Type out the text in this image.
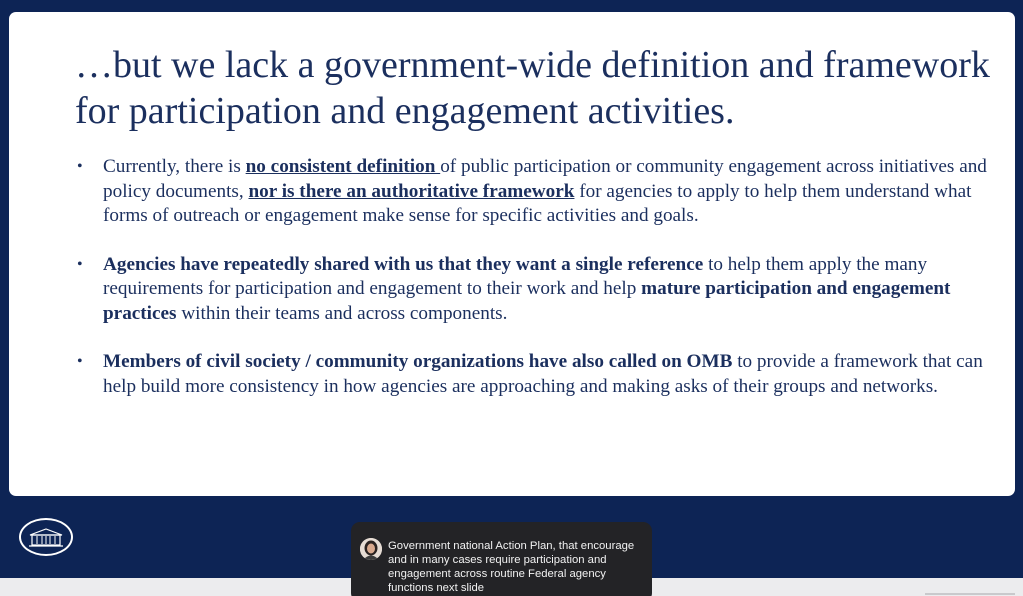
…but we lack a government-wide definition and framework for participation and engagement activities.
• Currently, there is no consistent definition of public participation or community engagement across initiatives and policy documents, nor is there an authoritative framework for agencies to apply to help them understand what forms of outreach or engagement make sense for specific activities and goals.
• Agencies have repeatedly shared with us that they want a single reference to help them apply the many requirements for participation and engagement to their work and help mature participation and engagement practices within their teams and across components.
• Members of civil society / community organizations have also called on OMB to provide a framework that can help build more consistency in how agencies are approaching and making asks of their groups and networks.
Government national Action Plan, that encourage and in many cases require participation and engagement across routine Federal agency functions next slide
